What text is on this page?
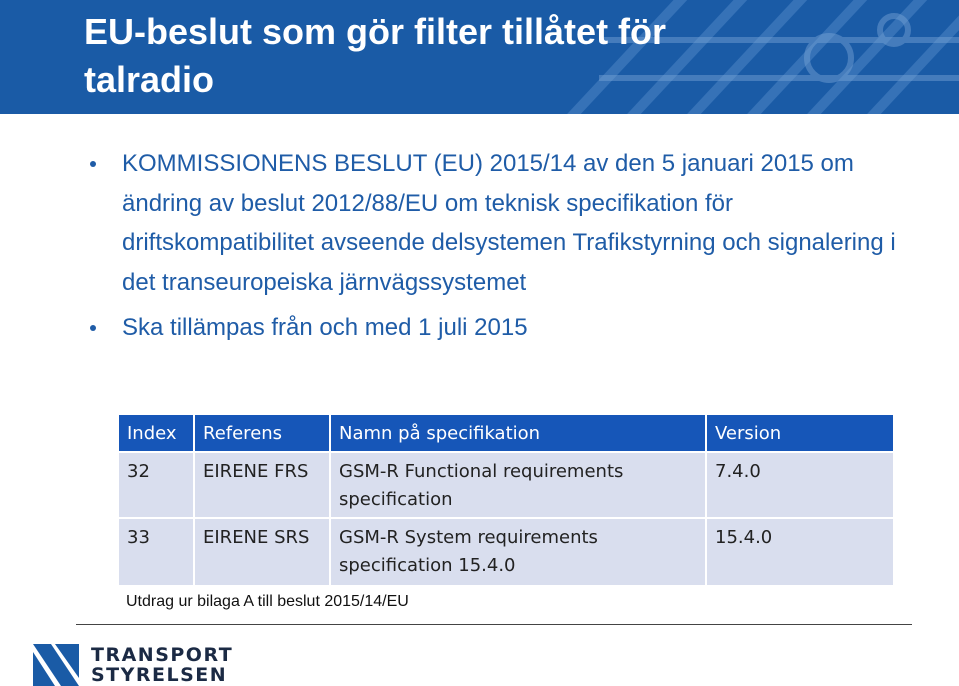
EU-beslut som gör filter tillåtet för talradio
KOMMISSIONENS BESLUT (EU) 2015/14 av den 5 januari 2015 om ändring av beslut 2012/88/EU om teknisk specifikation för driftskompatibilitet avseende delsystemen Trafikstyrning och signalering i det transeuropeiska järnvägssystemet
Ska tillämpas från och med 1 juli 2015
Index	Referens	Namn på specifikation	Version
32	EIRENE FRS	GSM-R Functional requirements specification	7.4.0
33	EIRENE SRS	GSM-R System requirements specification 15.4.0	15.4.0
Utdrag ur bilaga A till beslut 2015/14/EU
TRANSPORT
STYRELSEN
